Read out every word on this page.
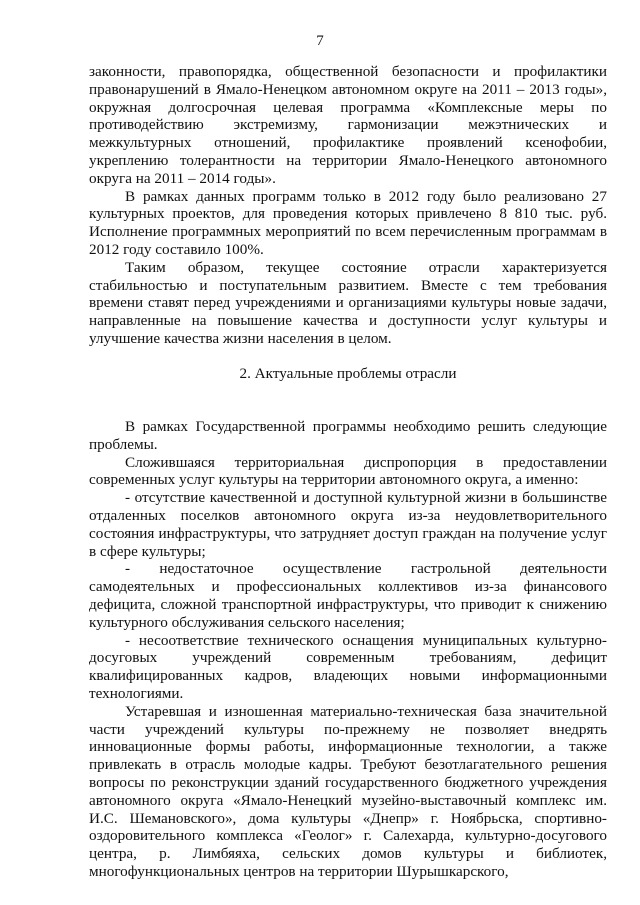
7

законности, правопорядка, общественной безопасности и профилактики правонарушений в Ямало-Ненецком автономном округе на 2011 – 2013 годы», окружная долгосрочная целевая программа «Комплексные меры по противодействию экстремизму, гармонизации межэтнических и межкультурных отношений, профилактике проявлений ксенофобии, укреплению толерантности на территории Ямало-Ненецкого автономного округа на 2011 – 2014 годы».

В рамках данных программ только в 2012 году было реализовано 27 культурных проектов, для проведения которых привлечено 8 810 тыс. руб. Исполнение программных мероприятий по всем перечисленным программам в 2012 году составило 100%.

Таким образом, текущее состояние отрасли характеризуется стабильностью и поступательным развитием. Вместе с тем требования времени ставят перед учреждениями и организациями культуры новые задачи, направленные на повышение качества и доступности услуг культуры и улучшение качества жизни населения в целом.

2. Актуальные проблемы отрасли

В рамках Государственной программы необходимо решить следующие проблемы.

Сложившаяся территориальная диспропорция в предоставлении современных услуг культуры на территории автономного округа, а именно:

- отсутствие качественной и доступной культурной жизни в большинстве отдаленных поселков автономного округа из-за неудовлетворительного состояния инфраструктуры, что затрудняет доступ граждан на получение услуг в сфере культуры;

- недостаточное осуществление гастрольной деятельности самодеятельных и профессиональных коллективов из-за финансового дефицита, сложной транспортной инфраструктуры, что приводит к снижению культурного обслуживания сельского населения;

- несоответствие технического оснащения муниципальных культурно-досуговых учреждений современным требованиям, дефицит квалифицированных кадров, владеющих новыми информационными технологиями.

Устаревшая и изношенная материально-техническая база значительной части учреждений культуры по-прежнему не позволяет внедрять инновационные формы работы, информационные технологии, а также привлекать в отрасль молодые кадры. Требуют безотлагательного решения вопросы по реконструкции зданий государственного бюджетного учреждения автономного округа «Ямало-Ненецкий музейно-выставочный комплекс им. И.С. Шемановского», дома культуры «Днепр» г. Ноябрьска, спортивно-оздоровительного комплекса «Геолог» г. Салехарда, культурно-досугового центра, р. Лимбяяха, сельских домов культуры и библиотек, многофункциональных центров на территории Шурышкарского,
